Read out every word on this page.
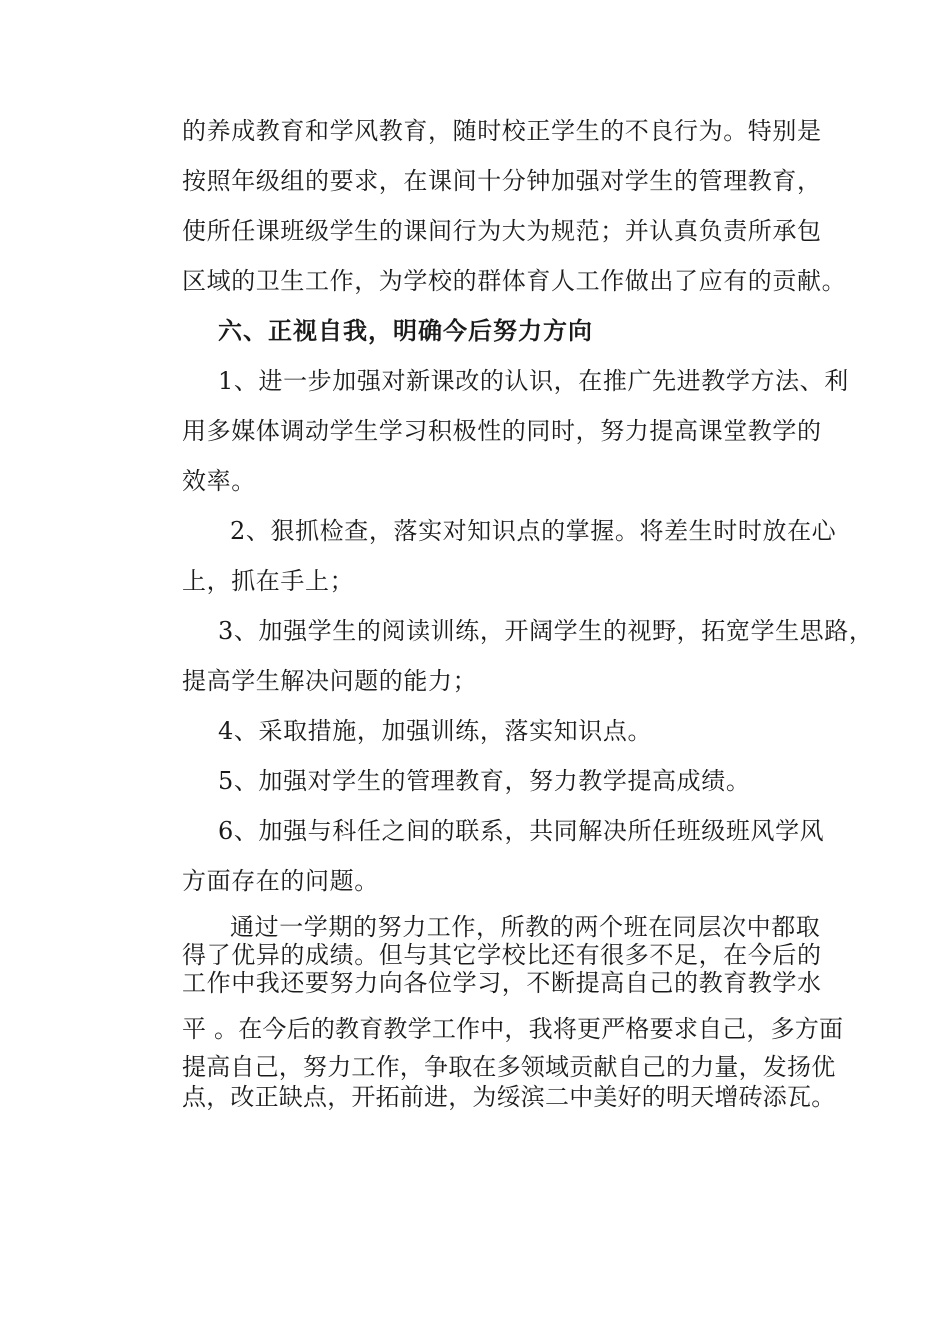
的养成教育和学风教育，随时校正学生的不良行为。特别是
按照年级组的要求，在课间十分钟加强对学生的管理教育，
使所任课班级学生的课间行为大为规范；并认真负责所承包
区域的卫生工作，为学校的群体育人工作做出了应有的贡献。
六、正视自我，明确今后努力方向
1、进一步加强对新课改的认识，在推广先进教学方法、利
用多媒体调动学生学习积极性的同时，努力提高课堂教学的
效率。
2、狠抓检查，落实对知识点的掌握。将差生时时放在心
上，抓在手上；
3、加强学生的阅读训练，开阔学生的视野，拓宽学生思路，
提高学生解决问题的能力；
4、采取措施，加强训练，落实知识点。
5、加强对学生的管理教育，努力教学提高成绩。
6、加强与科任之间的联系，共同解决所任班级班风学风
方面存在的问题。
通过一学期的努力工作，所教的两个班在同层次中都取
得了优异的成绩。但与其它学校比还有很多不足，在今后的
工作中我还要努力向各位学习，不断提高自己的教育教学水
平 。在今后的教育教学工作中，我将更严格要求自己，多方面
提高自己，努力工作，争取在多领域贡献自己的力量，发扬优
点，改正缺点，开拓前进，为绥滨二中美好的明天增砖添瓦。
